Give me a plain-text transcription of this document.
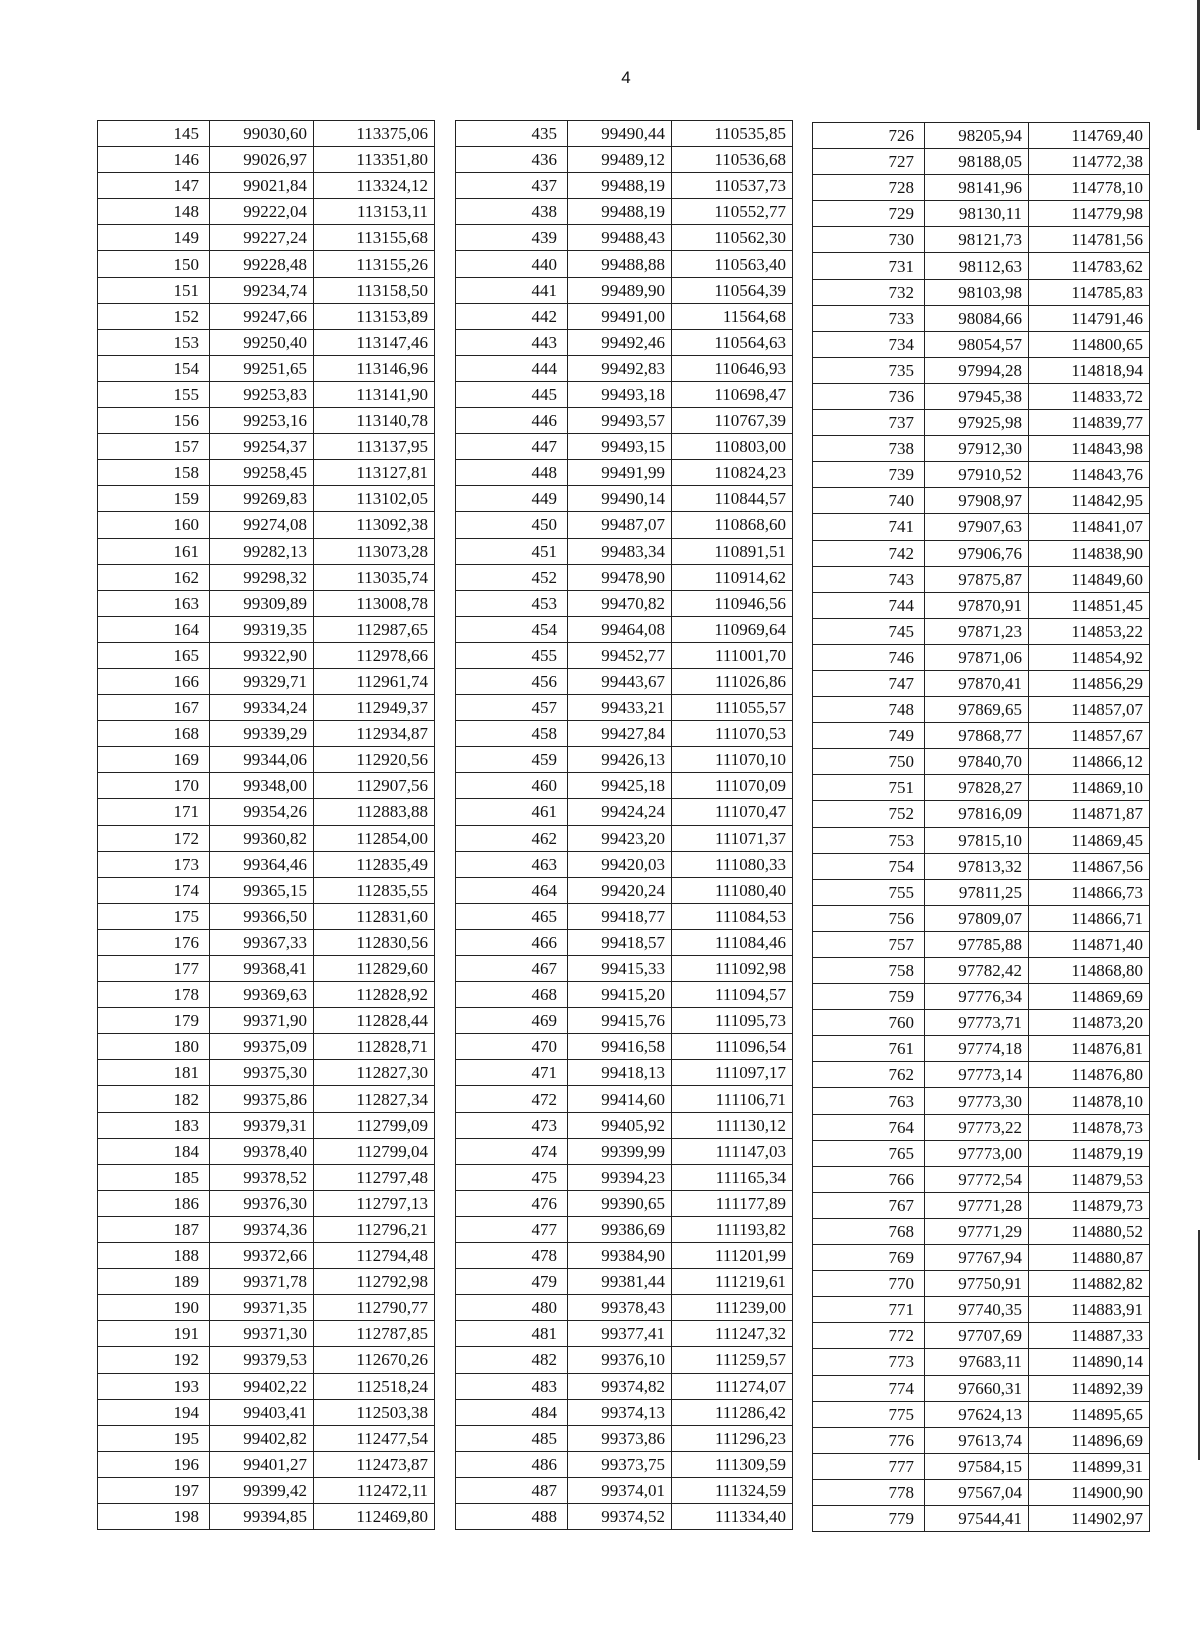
4
145	99030,60	113375,06
146	99026,97	113351,80
147	99021,84	113324,12
148	99222,04	113153,11
149	99227,24	113155,68
150	99228,48	113155,26
151	99234,74	113158,50
152	99247,66	113153,89
153	99250,40	113147,46
154	99251,65	113146,96
155	99253,83	113141,90
156	99253,16	113140,78
157	99254,37	113137,95
158	99258,45	113127,81
159	99269,83	113102,05
160	99274,08	113092,38
161	99282,13	113073,28
162	99298,32	113035,74
163	99309,89	113008,78
164	99319,35	112987,65
165	99322,90	112978,66
166	99329,71	112961,74
167	99334,24	112949,37
168	99339,29	112934,87
169	99344,06	112920,56
170	99348,00	112907,56
171	99354,26	112883,88
172	99360,82	112854,00
173	99364,46	112835,49
174	99365,15	112835,55
175	99366,50	112831,60
176	99367,33	112830,56
177	99368,41	112829,60
178	99369,63	112828,92
179	99371,90	112828,44
180	99375,09	112828,71
181	99375,30	112827,30
182	99375,86	112827,34
183	99379,31	112799,09
184	99378,40	112799,04
185	99378,52	112797,48
186	99376,30	112797,13
187	99374,36	112796,21
188	99372,66	112794,48
189	99371,78	112792,98
190	99371,35	112790,77
191	99371,30	112787,85
192	99379,53	112670,26
193	99402,22	112518,24
194	99403,41	112503,38
195	99402,82	112477,54
196	99401,27	112473,87
197	99399,42	112472,11
198	99394,85	112469,80
435	99490,44	110535,85
436	99489,12	110536,68
437	99488,19	110537,73
438	99488,19	110552,77
439	99488,43	110562,30
440	99488,88	110563,40
441	99489,90	110564,39
442	99491,00	11564,68
443	99492,46	110564,63
444	99492,83	110646,93
445	99493,18	110698,47
446	99493,57	110767,39
447	99493,15	110803,00
448	99491,99	110824,23
449	99490,14	110844,57
450	99487,07	110868,60
451	99483,34	110891,51
452	99478,90	110914,62
453	99470,82	110946,56
454	99464,08	110969,64
455	99452,77	111001,70
456	99443,67	111026,86
457	99433,21	111055,57
458	99427,84	111070,53
459	99426,13	111070,10
460	99425,18	111070,09
461	99424,24	111070,47
462	99423,20	111071,37
463	99420,03	111080,33
464	99420,24	111080,40
465	99418,77	111084,53
466	99418,57	111084,46
467	99415,33	111092,98
468	99415,20	111094,57
469	99415,76	111095,73
470	99416,58	111096,54
471	99418,13	111097,17
472	99414,60	111106,71
473	99405,92	111130,12
474	99399,99	111147,03
475	99394,23	111165,34
476	99390,65	111177,89
477	99386,69	111193,82
478	99384,90	111201,99
479	99381,44	111219,61
480	99378,43	111239,00
481	99377,41	111247,32
482	99376,10	111259,57
483	99374,82	111274,07
484	99374,13	111286,42
485	99373,86	111296,23
486	99373,75	111309,59
487	99374,01	111324,59
488	99374,52	111334,40
726	98205,94	114769,40
727	98188,05	114772,38
728	98141,96	114778,10
729	98130,11	114779,98
730	98121,73	114781,56
731	98112,63	114783,62
732	98103,98	114785,83
733	98084,66	114791,46
734	98054,57	114800,65
735	97994,28	114818,94
736	97945,38	114833,72
737	97925,98	114839,77
738	97912,30	114843,98
739	97910,52	114843,76
740	97908,97	114842,95
741	97907,63	114841,07
742	97906,76	114838,90
743	97875,87	114849,60
744	97870,91	114851,45
745	97871,23	114853,22
746	97871,06	114854,92
747	97870,41	114856,29
748	97869,65	114857,07
749	97868,77	114857,67
750	97840,70	114866,12
751	97828,27	114869,10
752	97816,09	114871,87
753	97815,10	114869,45
754	97813,32	114867,56
755	97811,25	114866,73
756	97809,07	114866,71
757	97785,88	114871,40
758	97782,42	114868,80
759	97776,34	114869,69
760	97773,71	114873,20
761	97774,18	114876,81
762	97773,14	114876,80
763	97773,30	114878,10
764	97773,22	114878,73
765	97773,00	114879,19
766	97772,54	114879,53
767	97771,28	114879,73
768	97771,29	114880,52
769	97767,94	114880,87
770	97750,91	114882,82
771	97740,35	114883,91
772	97707,69	114887,33
773	97683,11	114890,14
774	97660,31	114892,39
775	97624,13	114895,65
776	97613,74	114896,69
777	97584,15	114899,31
778	97567,04	114900,90
779	97544,41	114902,97
